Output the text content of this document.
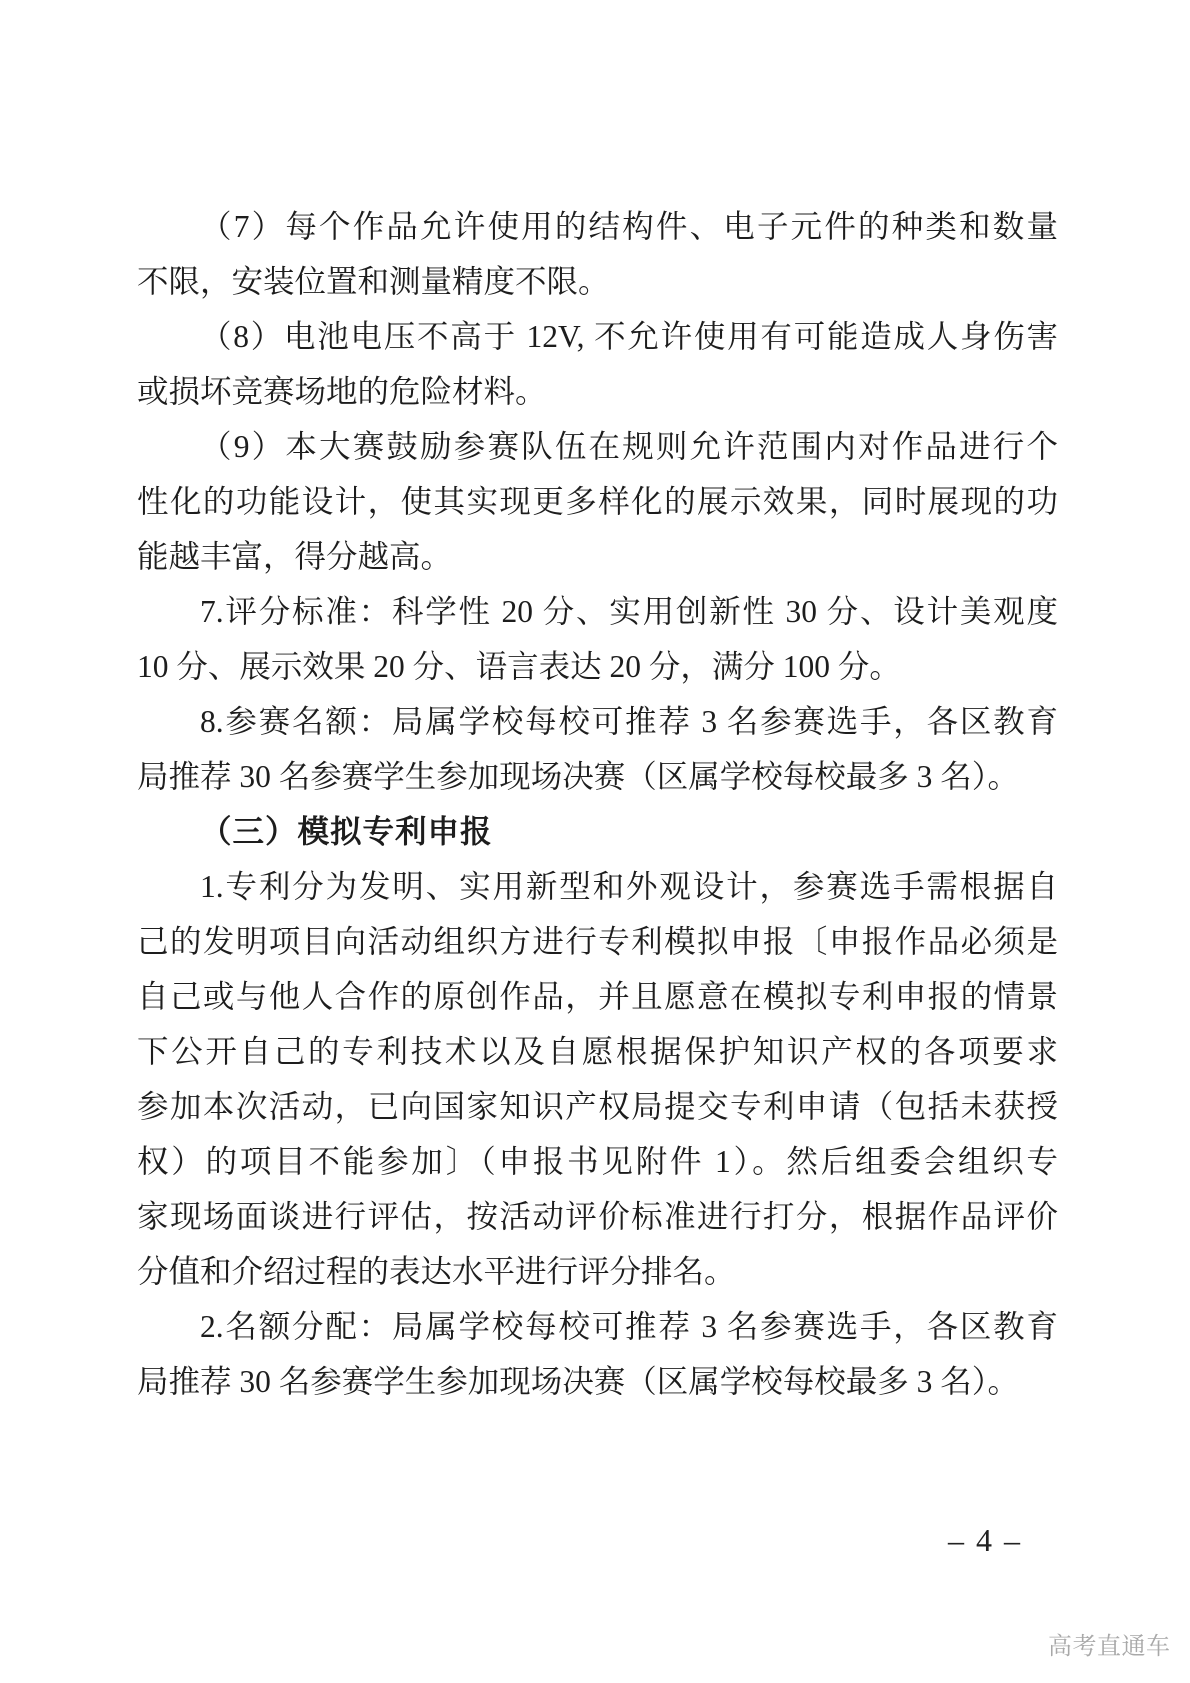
（7）每个作品允许使用的结构件、电子元件的种类和数量
不限，安装位置和测量精度不限。
（8）电池电压不高于 12V, 不允许使用有可能造成人身伤害
或损坏竞赛场地的危险材料。
（9）本大赛鼓励参赛队伍在规则允许范围内对作品进行个
性化的功能设计，使其实现更多样化的展示效果，同时展现的功
能越丰富，得分越高。
7.评分标准：科学性 20 分、实用创新性 30 分、设计美观度
10 分、展示效果 20 分、语言表达 20 分，满分 100 分。
8.参赛名额：局属学校每校可推荐 3 名参赛选手，各区教育
局推荐 30 名参赛学生参加现场决赛（区属学校每校最多 3 名）。
（三）模拟专利申报
1.专利分为发明、实用新型和外观设计，参赛选手需根据自
己的发明项目向活动组织方进行专利模拟申报〔申报作品必须是
自己或与他人合作的原创作品，并且愿意在模拟专利申报的情景
下公开自己的专利技术以及自愿根据保护知识产权的各项要求
参加本次活动，已向国家知识产权局提交专利申请（包括未获授
权）的项目不能参加〕（申报书见附件 1）。然后组委会组织专
家现场面谈进行评估，按活动评价标准进行打分，根据作品评价
分值和介绍过程的表达水平进行评分排名。
2.名额分配：局属学校每校可推荐 3 名参赛选手，各区教育
局推荐 30 名参赛学生参加现场决赛（区属学校每校最多 3 名）。
– 4 –
高考直通车
